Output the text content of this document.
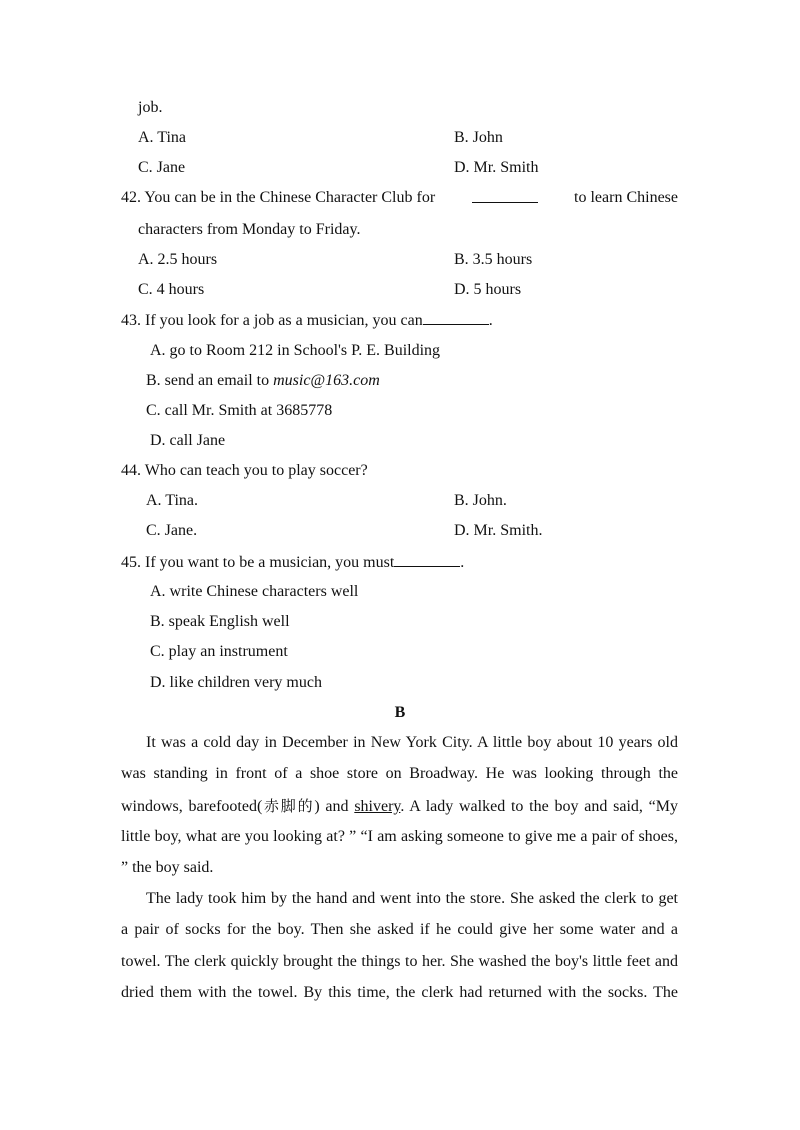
job.
A. Tina	B. John
C. Jane	D. Mr. Smith
42. You can be in the Chinese Character Club for	to learn Chinese
characters from Monday to Friday.
A. 2.5 hours	B. 3.5 hours
C. 4 hours	D. 5 hours
43. If you look for a job as a musician, you can	.
A. go to Room 212 in School's P. E. Building
B. send an email to music@163.com
C. call Mr. Smith at 3685778
D. call Jane
44. Who can teach you to play soccer?
A. Tina.	B. John.
C. Jane.	D. Mr. Smith.
45. If you want to be a musician, you must	.
A. write Chinese characters well
B. speak English well
C. play an instrument
D. like children very much
B
It was a cold day in December in New York City. A little boy about 10 years old
was standing in front of a shoe store on Broadway. He was looking through the
windows, barefooted(赤脚的) and shivery. A lady walked to the boy and said, “My
little boy, what are you looking at? ” “I am asking someone to give me a pair of shoes,
” the boy said.
The lady took him by the hand and went into the store. She asked the clerk to get
a pair of socks for the boy. Then she asked if he could give her some water and a
towel. The clerk quickly brought the things to her. She washed the boy's little feet and
dried them with the towel. By this time, the clerk had returned with the socks. The
